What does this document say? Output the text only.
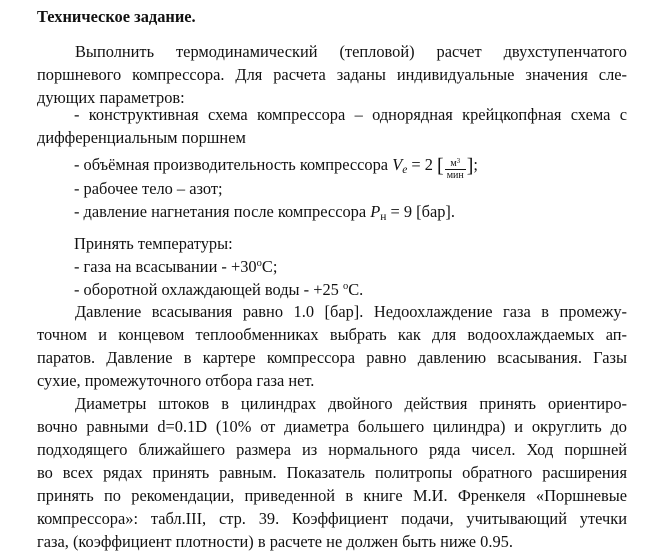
Техническое задание.
Выполнить термодинамический (тепловой) расчет двухступенчатого
поршневого компрессора. Для расчета заданы индивидуальные значения сле-
дующих параметров:
- конструктивная схема компрессора – однорядная крейцкопфная схема с
дифференциальным поршнем
- объёмная производительность компрессора $V_e = 2$ [ $\frac{м^3}{\text{мин}}$ ];
- рабочее тело – азот;
- давление нагнетания после компрессора $P_н = 9$ [бар].
Принять температуры:
- газа на всасывании - $+30^oС$;
- оборотной охлаждающей воды - +25 $^o$С.
Давление всасывания равно 1.0 [бар]. Недоохлаждение газа в промежу-
точном и концевом теплообменниках выбрать как для водоохлаждаемых ап-
паратов. Давление в картере компрессора равно давлению всасывания. Газы
сухие, промежуточного отбора газа нет.
Диаметры штоков в цилиндрах двойного действия принять ориентиро-
вочно равными d=0.1D (10% от диаметра большего цилиндра) и округлить до
подходящего ближайшего размера из нормального ряда чисел. Ход поршней
во всех рядах принять равным. Показатель политропы обратного расширения
принять по рекомендации, приведенной в книге М.И. Френкеля «Поршневые
компрессора»: табл.III, стр. 39. Коэффициент подачи, учитывающий утечки
газа, (коэффициент плотности) в расчете не должен быть ниже 0.95.
